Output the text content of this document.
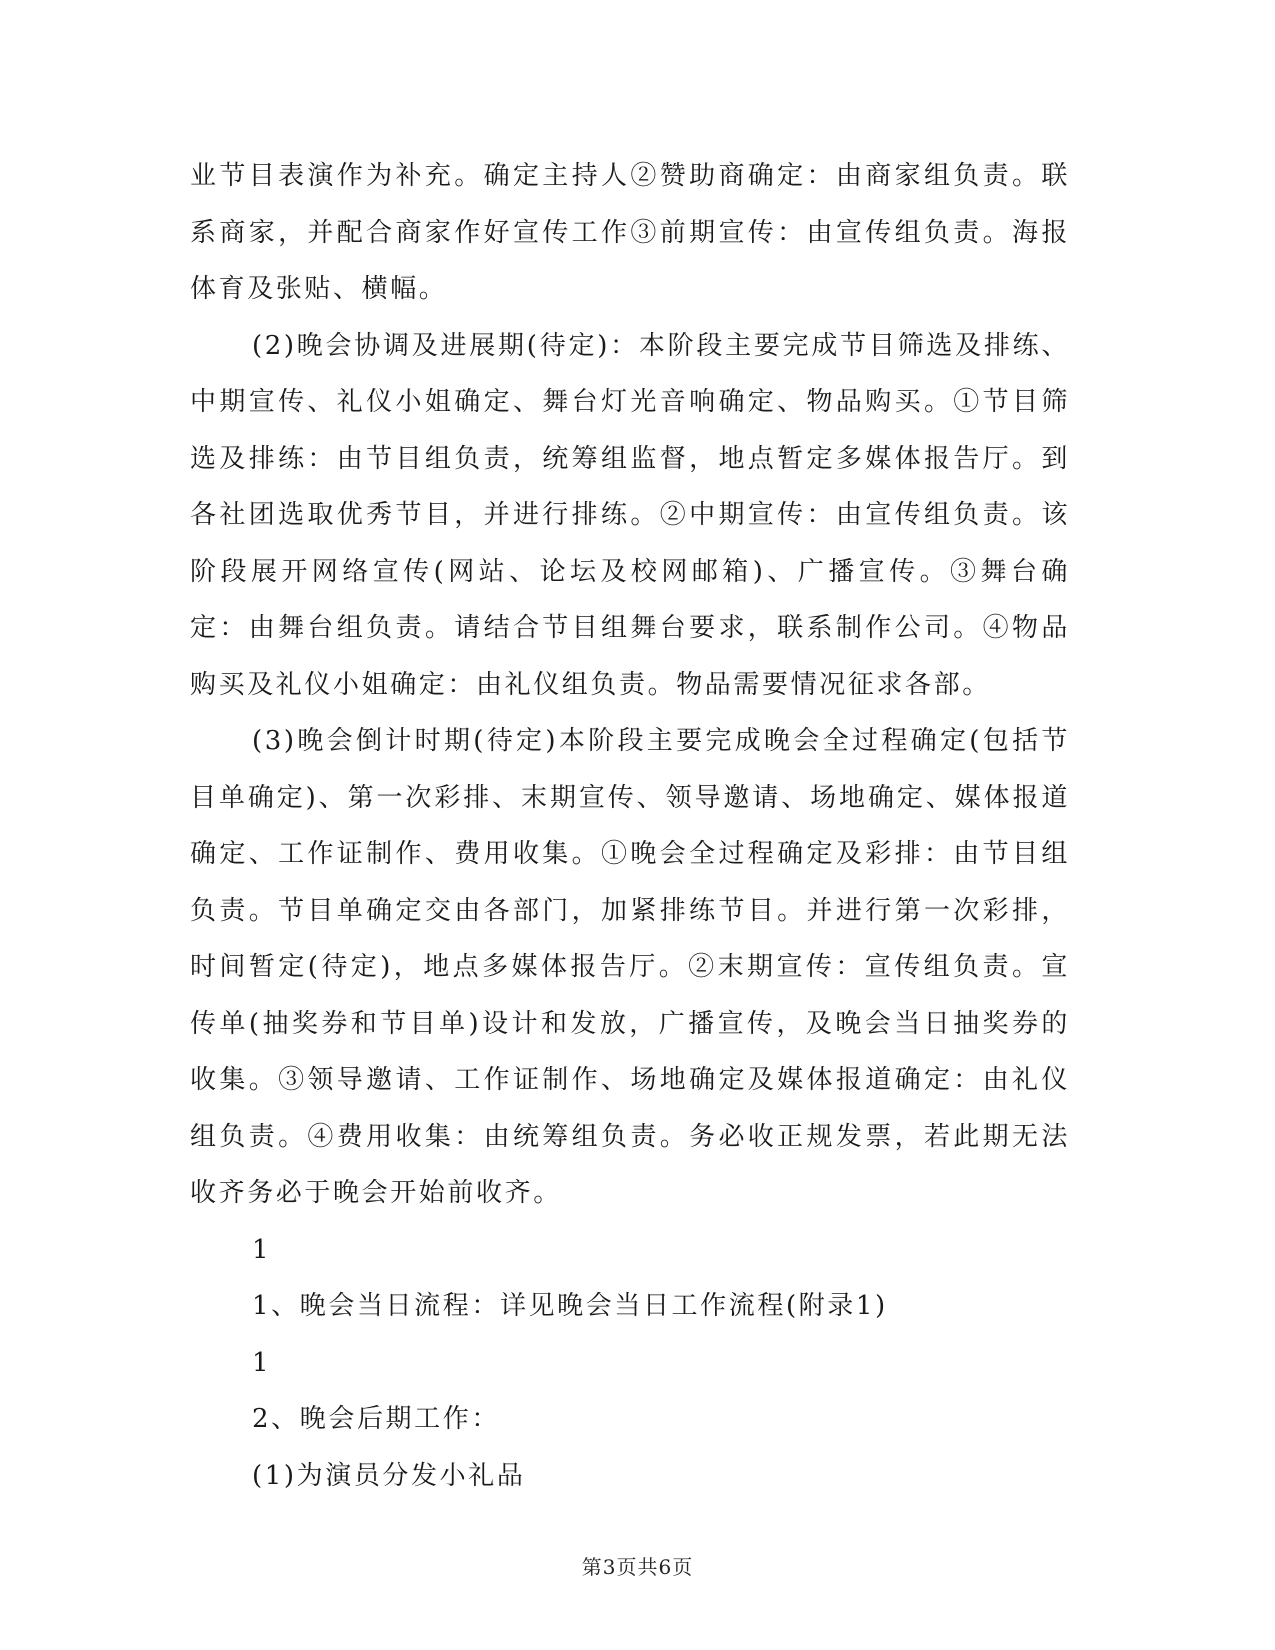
业节目表演作为补充。确定主持人②赞助商确定：由商家组负责。联系商家，并配合商家作好宣传工作③前期宣传：由宣传组负责。海报体育及张贴、横幅。

(2)晚会协调及进展期(待定)：本阶段主要完成节目筛选及排练、中期宣传、礼仪小姐确定、舞台灯光音响确定、物品购买。①节目筛选及排练：由节目组负责，统筹组监督，地点暂定多媒体报告厅。到各社团选取优秀节目，并进行排练。②中期宣传：由宣传组负责。该阶段展开网络宣传(网站、论坛及校网邮箱)、广播宣传。③舞台确定：由舞台组负责。请结合节目组舞台要求，联系制作公司。④物品购买及礼仪小姐确定：由礼仪组负责。物品需要情况征求各部。

(3)晚会倒计时期(待定)本阶段主要完成晚会全过程确定(包括节目单确定)、第一次彩排、末期宣传、领导邀请、场地确定、媒体报道确定、工作证制作、费用收集。①晚会全过程确定及彩排：由节目组负责。节目单确定交由各部门，加紧排练节目。并进行第一次彩排，时间暂定(待定)，地点多媒体报告厅。②末期宣传：宣传组负责。宣传单(抽奖券和节目单)设计和发放，广播宣传，及晚会当日抽奖券的收集。③领导邀请、工作证制作、场地确定及媒体报道确定：由礼仪组负责。④费用收集：由统筹组负责。务必收正规发票，若此期无法收齐务必于晚会开始前收齐。

1

1、晚会当日流程：详见晚会当日工作流程(附录1)

1

2、晚会后期工作：

(1)为演员分发小礼品

第3页共6页
